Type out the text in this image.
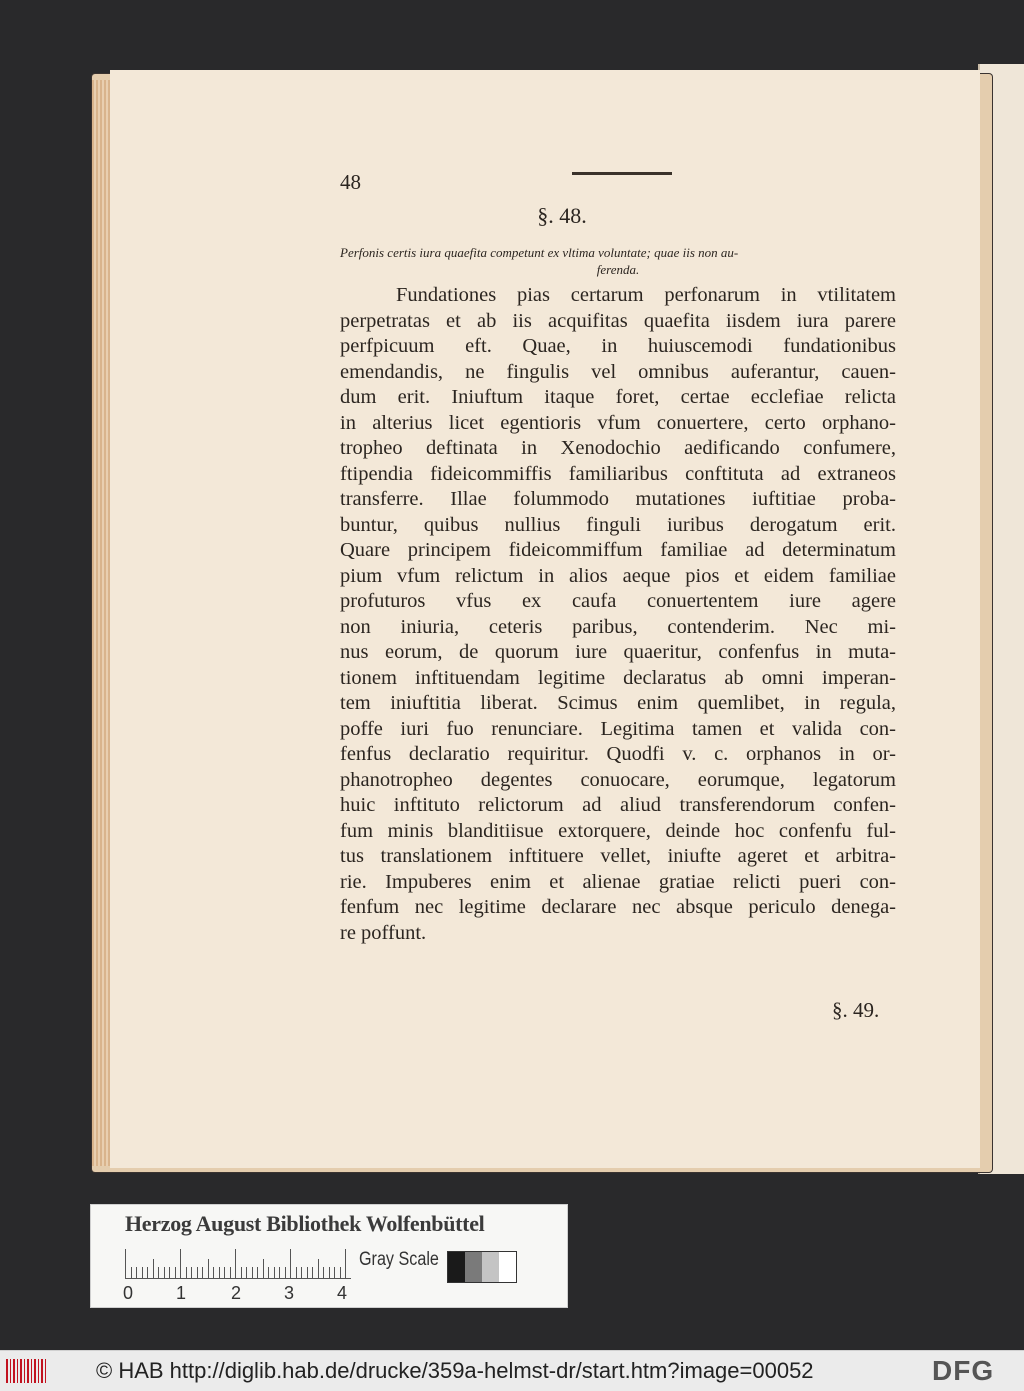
48
§. 48.
Perfonis certis iura quaefita competunt ex vltima voluntate; quae iis non au-
ferenda.
Fundationes pias certarum perfonarum in vtilitatem
perpetratas et ab iis acquifitas quaefita iisdem iura parere
perfpicuum eft. Quae, in huiuscemodi fundationibus
emendandis, ne fingulis vel omnibus auferantur, cauen-
dum erit. Iniuftum itaque foret, certae ecclefiae relicta
in alterius licet egentioris vfum conuertere, certo orphano-
tropheo deftinata in Xenodochio aedificando confumere,
ftipendia fideicommiffis familiaribus conftituta ad extraneos
transferre. Illae folummodo mutationes iuftitiae proba-
buntur, quibus nullius finguli iuribus derogatum erit.
Quare principem fideicommiffum familiae ad determinatum
pium vfum relictum in alios aeque pios et eidem familiae
profuturos vfus ex caufa conuertentem iure agere
non iniuria, ceteris paribus, contenderim. Nec mi-
nus eorum, de quorum iure quaeritur, confenfus in muta-
tionem inftituendam legitime declaratus ab omni imperan-
tem iniuftitia liberat. Scimus enim quemlibet, in regula,
poffe iuri fuo renunciare. Legitima tamen et valida con-
fenfus declaratio requiritur. Quodfi v. c. orphanos in or-
phanotropheo degentes conuocare, eorumque, legatorum
huic inftituto relictorum ad aliud transferendorum confen-
fum minis blanditiisue extorquere, deinde hoc confenfu ful-
tus translationem inftituere vellet, iniufte ageret et arbitra-
rie. Impuberes enim et alienae gratiae relicti pueri con-
fenfum nec legitime declarare nec absque periculo denega-
re poffunt.
§. 49.
Herzog August Bibliothek Wolfenbüttel
0 1 2 3 4
Gray Scale
© HAB http://diglib.hab.de/drucke/359a-helmst-dr/start.htm?image=00052	DFG
